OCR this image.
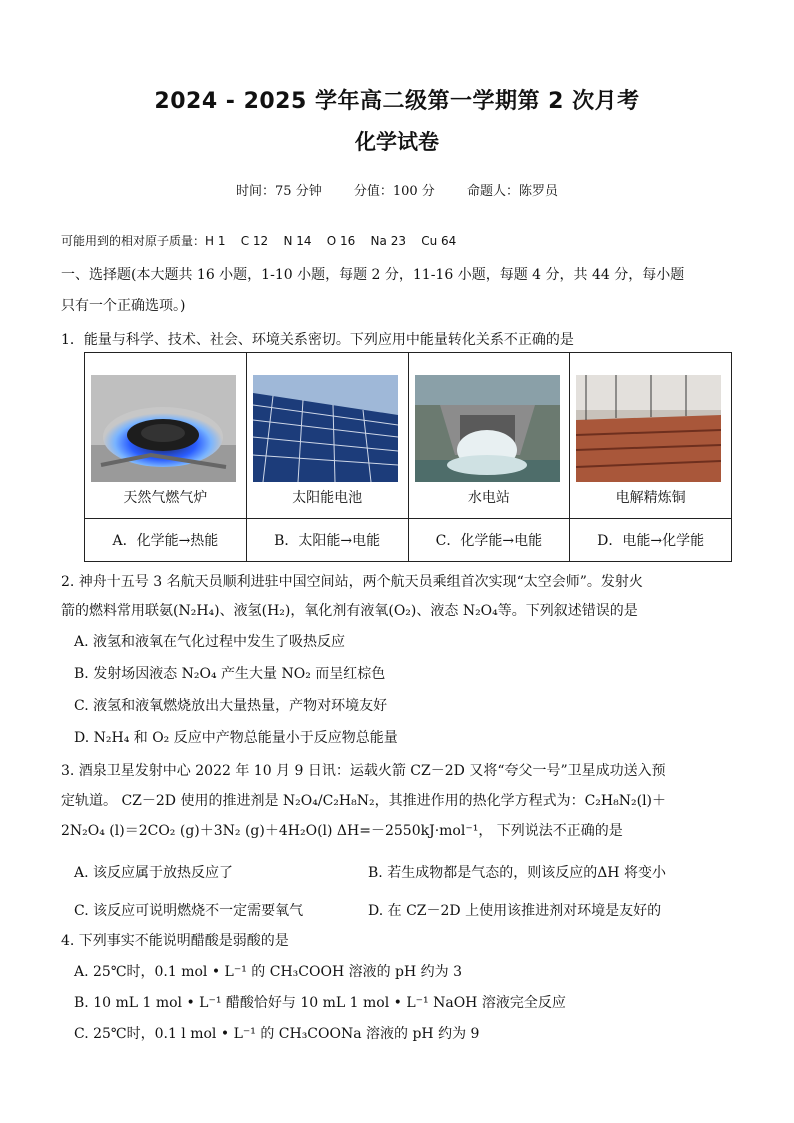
2024 - 2025 学年高二级第一学期第 2 次月考
化学试卷
时间：75 分钟 分值：100 分 命题人：陈罗员
可能用到的相对原子质量：H 1    C 12    N 14    O 16    Na 23    Cu 64
一、选择题(本大题共 16 小题，1-10 小题，每题 2 分，11-16 小题，每题 4 分，共 44 分，每小题
只有一个正确选项。)
1．能量与科学、技术、社会、环境关系密切。下列应用中能量转化关系不正确的是
天然气燃气炉	太阳能电池	水电站	电解精炼铜

A．化学能→热能	B．太阳能→电能	C．化学能→电能	D．电能→化学能
2. 神舟十五号 3 名航天员顺利进驻中国空间站，两个航天员乘组首次实现“太空会师”。发射火
箭的燃料常用联氨(N₂H₄)、液氢(H₂)，氧化剂有液氧(O₂)、液态 N₂O₄等。下列叙述错误的是
A. 液氢和液氧在气化过程中发生了吸热反应
B. 发射场因液态 N₂O₄ 产生大量 NO₂ 而呈红棕色
C. 液氢和液氧燃烧放出大量热量，产物对环境友好
D. N₂H₄ 和 O₂ 反应中产物总能量小于反应物总能量
3. 酒泉卫星发射中心 2022 年 10 月 9 日讯：运载火箭 CZ－2D 又将“夸父一号”卫星成功送入预
定轨道。 CZ－2D 使用的推进剂是 N₂O₄/C₂H₈N₂，其推进作用的热化学方程式为：C₂H₈N₂(l)＋
2N₂O₄ (l)＝2CO₂ (g)＋3N₂ (g)＋4H₂O(l) ΔH=－2550kJ·mol⁻¹， 下列说法不正确的是
A. 该反应属于放热反应了	B. 若生成物都是气态的，则该反应的ΔH 将变小
C. 该反应可说明燃烧不一定需要氧气	D. 在 CZ－2D 上使用该推进剂对环境是友好的
4. 下列事实不能说明醋酸是弱酸的是
A. 25℃时，0.1 mol • L⁻¹ 的 CH₃COOH 溶液的 pH 约为 3
B. 10 mL 1 mol • L⁻¹ 醋酸恰好与 10 mL 1 mol • L⁻¹ NaOH 溶液完全反应
C. 25℃时，0.1 l mol • L⁻¹ 的 CH₃COONa 溶液的 pH 约为 9
